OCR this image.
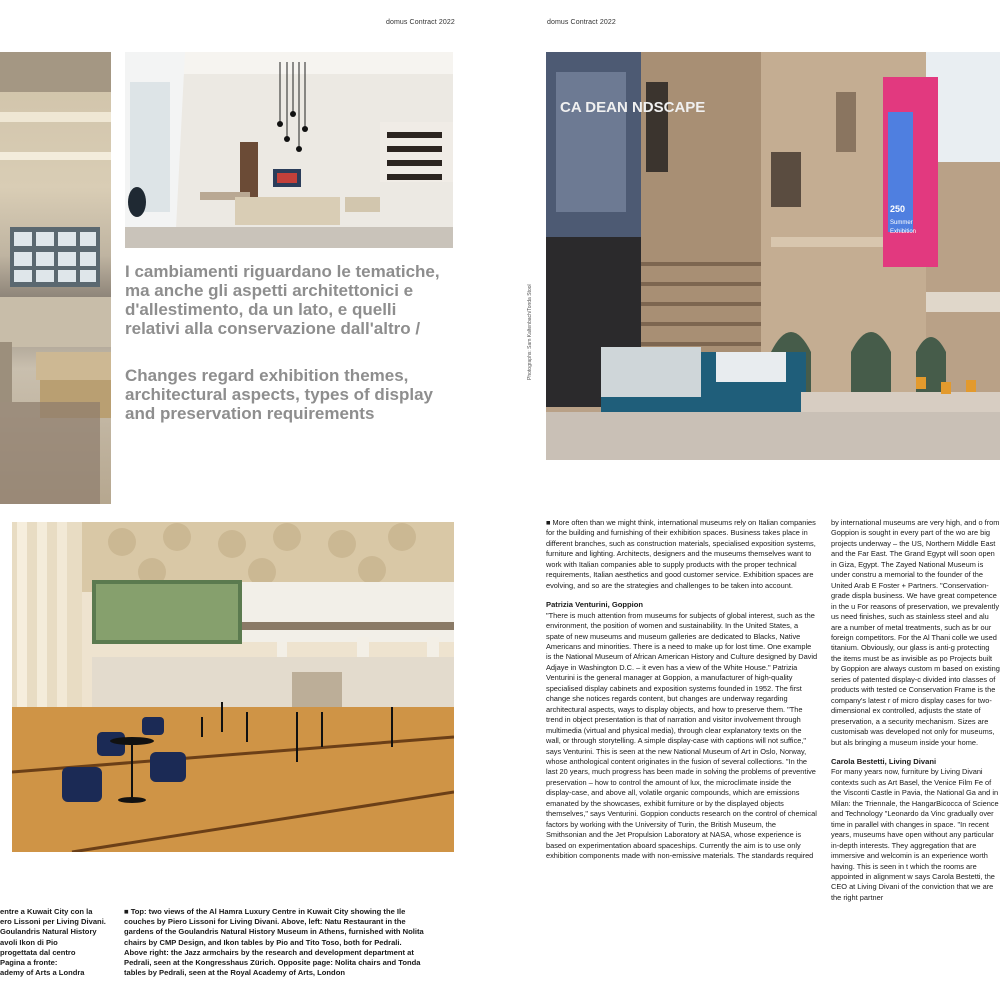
domus Contract 2022	domus Contract 2022
I cambiamenti riguardano le tematiche, ma anche gli aspetti architettonici e d'allestimento, da un lato, e quelli relativi alla conservazione dall'altro /
Changes regard exhibition themes, architectural aspects, types of display and preservation requirements
CA DEAN NDSCAPE
250
Summer
Exhibition
Photographs: Sam Kaltenbach/Tonda Stool
entre a Kuwait City con la
ero Lissoni per Living Divani.
Goulandris Natural History
avoli Ikon di Pio
progettata dal centro
Pagina a fronte:
ademy of Arts a Londra
■ Top: two views of the Al Hamra Luxury Centre in Kuwait City showing the Ile couches by Piero Lissoni for Living Divani. Above, left: Natu Restaurant in the gardens of the Goulandris Natural History Museum in Athens, furnished with Nolita chairs by CMP Design, and Ikon tables by Pio and Tito Toso, both for Pedrali. Above right: the Jazz armchairs by the research and development department at Pedrali, seen at the Kongresshaus Zürich. Opposite page: Nolita chairs and Tonda tables by Pedrali, seen at the Royal Academy of Arts, London

■ More often than we might think, international museums rely on Italian companies for the building and furnishing of their exhibition spaces. Business takes place in different branches, such as construction materials, specialised exposition systems, furniture and lighting. Architects, designers and the museums themselves want to work with Italian companies able to supply products with the proper technical requirements, Italian aesthetics and good customer service. Exhibition spaces are evolving, and so are the strategies and challenges to be taken into account.

Patrizia Venturini, Goppion

"There is much attention from museums for subjects of global interest, such as the environment, the position of women and sustainability. In the United States, a spate of new museums and museum galleries are dedicated to Blacks, Native Americans and minorities. There is a need to make up for lost time. One example is the National Museum of African American History and Culture designed by David Adjaye in Washington D.C. – it even has a view of the White House." Patrizia Venturini is the general manager at Goppion, a manufacturer of high-quality specialised display cabinets and exposition systems founded in 1952. The first change she notices regards content, but changes are underway regarding architectural aspects, ways to display objects, and how to preserve them. "The trend in object presentation is that of narration and visitor involvement through multimedia (virtual and physical media), through clear explanatory texts on the wall, or through storytelling. A simple display-case with captions will not suffice," says Venturini. This is seen at the new National Museum of Art in Oslo, Norway, whose anthological content originates in the fusion of several collections. "In the last 20 years, much progress has been made in solving the problems of preventive preservation – how to control the amount of lux, the microclimate inside the display-case, and above all, volatile organic compounds, which are emissions emanated by the showcases, exhibit furniture or by the displayed objects themselves," says Venturini. Goppion conducts research on the control of chemical factors by working with the University of Turin, the British Museum, the Smithsonian and the Jet Propulsion Laboratory at NASA, whose experience is based on experimentation aboard spaceships. Currently the aim is to use only exhibition components made with non-emissive materials. The standards required

by international museums are very high, and o from Goppion is sought in every part of the wo are big projects underway – the US, Northern Middle East and the Far East. The Grand Egypt will soon open in Giza, Egypt. The Zayed National Museum is under constru a memorial to the founder of the United Arab E Foster + Partners. "Conservation-grade displa business. We have great competence in the u For reasons of preservation, we prevalently us need finishes, such as stainless steel and alu are a number of metal treatments, such as br our foreign competitors. For the Al Thani colle we used titanium. Obviously, our glass is anti-g protecting the items must be as invisible as po Projects built by Goppion are always custom m based on existing series of patented display-c divided into classes of products with tested ce Conservation Frame is the company's latest r of micro display cases for two-dimensional ex controlled, adjusts the state of preservation, a a security mechanism. Sizes are customisab was developed not only for museums, but als bringing a museum inside your home.

Carola Bestetti, Living Divani

For many years now, furniture by Living Divani contexts such as Art Basel, the Venice Film Fe of the Visconti Castle in Pavia, the National Ga and in Milan: the Triennale, the HangarBicocca of Science and Technology "Leonardo da Vinc gradually over time in parallel with changes in space. "In recent years, museums have open without any particular in-depth interests. They aggregation that are immersive and welcomin is an experience worth having. This is seen in t which the rooms are appointed in alignment w says Carola Bestetti, the CEO at Living Divani of the conviction that we are the right partner
